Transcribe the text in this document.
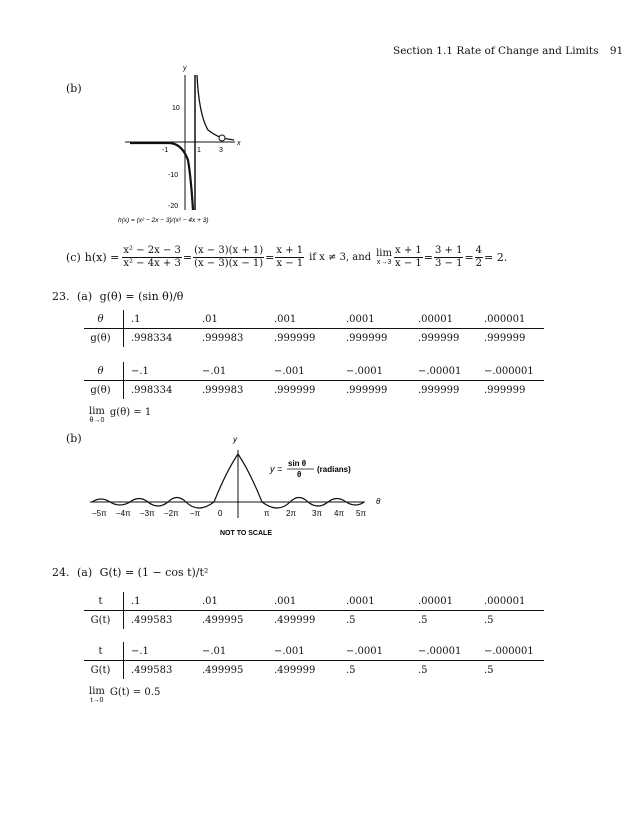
Section 1.1 Rate of Change and Limits 91
(b)
y
x
10
-10
-20
-1	1	3
h(x) = (x² − 2x − 3)/(x² − 4x + 3)
(c) $h(x) = \frac{\text{x² − 2x − 3}}{\text{x² − 4x + 3}} = \frac{(x - 3)(x + 1)}{(x - 3)(x - 1)} = \frac{x + 1}{x - 1}$ if x ≠ 3, and lim
$x\to 3 \frac{x + 1}{x - 1} = \frac{3 + 1}{3 - 1} = \frac{4}{2} = 2$.
23. (a) g(θ) = (sin θ)/θ
θ	.1	.01	.001	.0001	.00001	.000001
g(θ)	.998334	.999983	.999999	.999999	.999999	.999999
θ	−.1	−.01	−.001	−.0001	−.00001	−.000001
g(θ)	.998334	.999983	.999999	.999999	.999999	.999999
lim
θ→0
g(θ) = 1
(b)	y
y =
sin θ
θ
(radians)
θ
−5π −4π −3π −2π −π 0	π 2π 3π 4π 5π
NOT TO SCALE
24. (a) G(t) = (1 − cos t)/t²
t	.1	.01	.001	.0001	.00001	.000001
G(t)	.499583	.499995	.499999	.5	.5	.5
t	−.1	−.01	−.001	−.0001	−.00001	−.000001
G(t)	.499583	.499995	.499999	.5	.5	.5
lim
t→0
G(t) = 0.5
